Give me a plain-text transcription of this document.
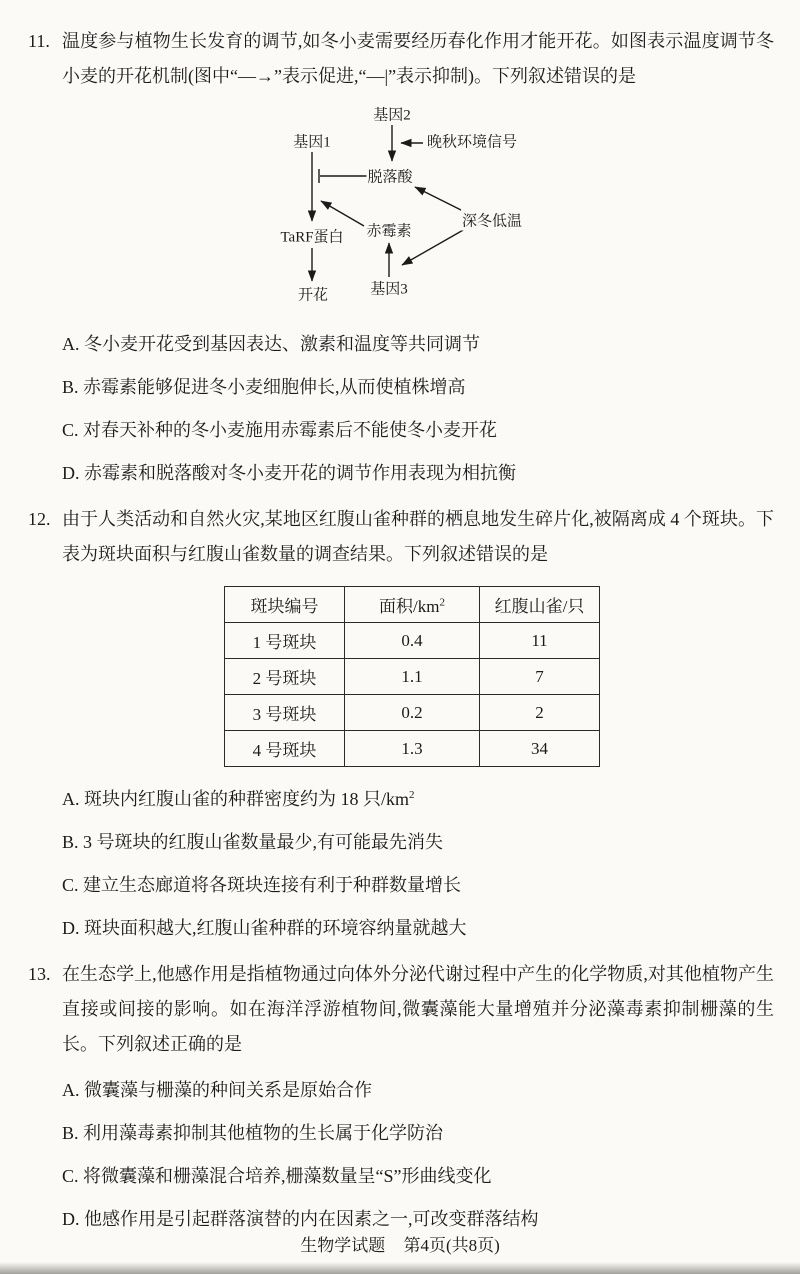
11. 温度参与植物生长发育的调节,如冬小麦需要经历春化作用才能开花。如图表示温度调节冬小麦的开花机制(图中“—→”表示促进,“—|”表示抑制)。下列叙述错误的是

基因2
晚秋环境信号
基因1
脱落酸
赤霉素
深冬低温
TaRF蛋白
基因3
开花

A. 冬小麦开花受到基因表达、激素和温度等共同调节

B. 赤霉素能够促进冬小麦细胞伸长,从而使植株增高

C. 对春天补种的冬小麦施用赤霉素后不能使冬小麦开花

D. 赤霉素和脱落酸对冬小麦开花的调节作用表现为相抗衡

12. 由于人类活动和自然火灾,某地区红腹山雀种群的栖息地发生碎片化,被隔离成 4 个斑块。下表为斑块面积与红腹山雀数量的调查结果。下列叙述错误的是

斑块编号	面积$/km^2$	红腹山雀/只
1 号斑块	0.4	11
2 号斑块	1.1	7
3 号斑块	0.2	2
4 号斑块	1.3	34

A. 斑块内红腹山雀的种群密度约为 18 只$/km^2$

B. 3 号斑块的红腹山雀数量最少,有可能最先消失

C. 建立生态廊道将各斑块连接有利于种群数量增长

D. 斑块面积越大,红腹山雀种群的环境容纳量就越大

13. 在生态学上,他感作用是指植物通过向体外分泌代谢过程中产生的化学物质,对其他植物产生直接或间接的影响。如在海洋浮游植物间,微囊藻能大量增殖并分泌藻毒素抑制栅藻的生长。下列叙述正确的是

A. 微囊藻与栅藻的种间关系是原始合作

B. 利用藻毒素抑制其他植物的生长属于化学防治

C. 将微囊藻和栅藻混合培养,栅藻数量呈“S”形曲线变化

D. 他感作用是引起群落演替的内在因素之一,可改变群落结构

生物学试题 第4页(共8页)
